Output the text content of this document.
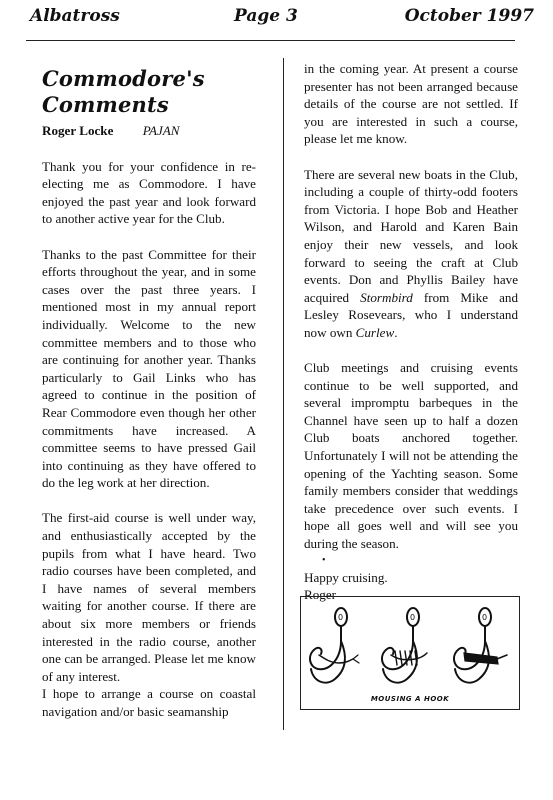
Albatross	Page 3	October 1997
Commodore's Comments
Roger Locke PAJAN

Thank you for your confidence in re-electing me as Commodore. I have enjoyed the past year and look forward to another active year for the Club.

Thanks to the past Committee for their efforts throughout the year, and in some cases over the past three years. I mentioned most in my annual report individually. Welcome to the new committee members and to those who are continuing for another year. Thanks particularly to Gail Links who has agreed to continue in the position of Rear Commodore even though her other commitments have increased. A committee seems to have pressed Gail into continuing as they have offered to do the leg work at her direction.

The first-aid course is well under way, and enthusiastically accepted by the pupils from what I have heard. Two radio courses have been completed, and I have names of several members waiting for another course. If there are about six more members or friends interested in the radio course, another one can be arranged. Please let me know of any interest.

I hope to arrange a course on coastal navigation and/or basic seamanship

in the coming year. At present a course presenter has not been arranged because details of the course are not settled. If you are interested in such a course, please let me know.

There are several new boats in the Club, including a couple of thirty-odd footers from Victoria. I hope Bob and Heather Wilson, and Harold and Karen Bain enjoy their new vessels, and look forward to seeing the craft at Club events. Don and Phyllis Bailey have acquired Stormbird from Mike and Lesley Rosevears, who I understand now own Curlew.

Club meetings and cruising events continue to be well supported, and several impromptu barbeques in the Channel have seen up to half a dozen Club boats anchored together. Unfortunately I will not be attending the opening of the Yachting season. Some family members consider that weddings take precedence over such events. I hope all goes well and will see you during the season.

•

Happy cruising.

Roger

0	0	0
MOUSING A HOOK
